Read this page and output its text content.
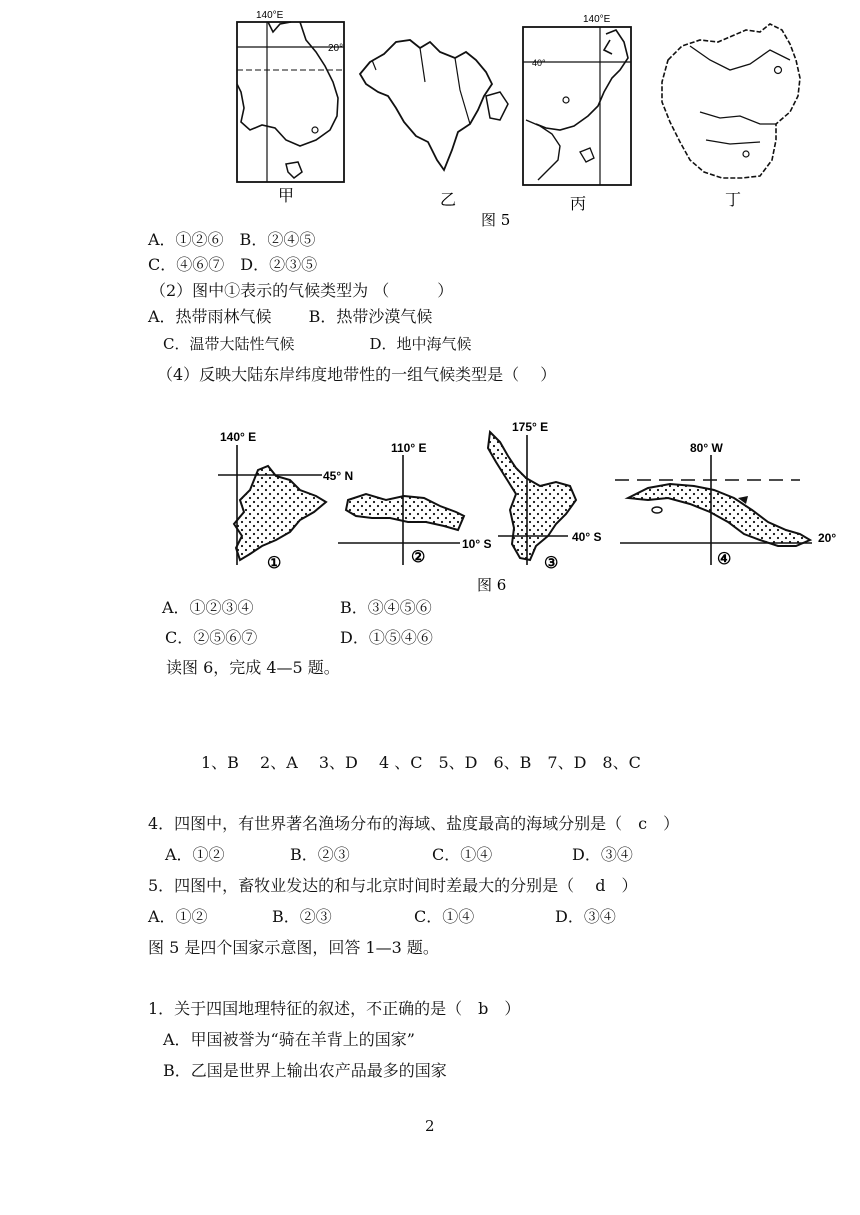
140°E
20°
140°E
40°
甲	乙	丙	丁
图 5
A．①②⑥　B．②④⑤
C．④⑥⑦　D．②③⑤
（2）图中①表示的气候类型为 （　　　）
A．热带雨林气候　　 B．热带沙漠气候
C．温带大陆性气候　　　　　D．地中海气候
（4）反映大陆东岸纬度地带性的一组气候类型是（　 ）
140° E
45° N
①
110° E
10° S
②
175° E
40° S
③
80° W
20°
④
图 6
A．①②③④	B．③④⑤⑥
C．②⑤⑥⑦	D．①⑤④⑥
读图 6，完成 4—5 题。
1、B　 2、A　 3、D　 4 、C　5、D　6、B　7、D　8、C
4．四图中，有世界著名渔场分布的海域、盐度最高的海域分别是（　c　）
A．①②	B．②③	C．①④	D．③④
5．四图中，畜牧业发达的和与北京时间时差最大的分别是（　 d　）
A．①②	B．②③	C．①④	D．③④
图 5 是四个国家示意图，回答 1—3 题。
1．关于四国地理特征的叙述，不正确的是（　b　）
A．甲国被誉为“骑在羊背上的国家”
B．乙国是世界上输出农产品最多的国家
2
